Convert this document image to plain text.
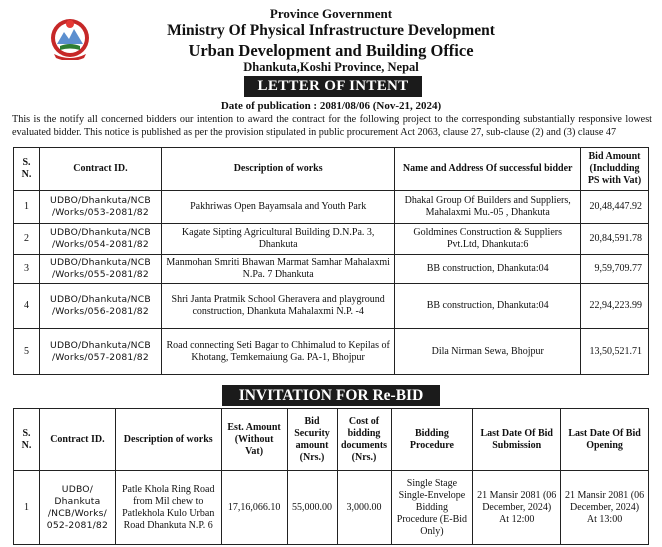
Province Government
Ministry Of Physical Infrastructure Development
Urban Development and Building Office
Dhankuta,Koshi Province, Nepal
LETTER OF INTENT
Date of publication : 2081/08/06 (Nov-21, 2024)
This is the notify all concerned bidders our intention to award the contract for the following project to the corresponding substantially responsive lowest evaluated bidder. This notice is published as per the provision stipulated in public procurement Act 2063, clause 27, sub-clause (2) and (3) clause 47
S. N.	Contract ID.	Description of works	Name and Address Of successful bidder	Bid Amount (Includding PS with Vat)
1	UDBO/Dhankuta/NCB /Works/053-2081/82	Pakhriwas Open Bayamsala and Youth Park	Dhakal Group Of Builders and Suppliers, Mahalaxmi Mu.-05 , Dhankuta	20,48,447.92
2	UDBO/Dhankuta/NCB /Works/054-2081/82	Kagate Sipting Agricultural Building D.N.Pa. 3, Dhankuta	Goldmines Construction & Suppliers Pvt.Ltd, Dhankuta:6	20,84,591.78
3	UDBO/Dhankuta/NCB /Works/055-2081/82	Manmohan Smriti Bhawan Marmat Samhar Mahalaxmi N.Pa. 7 Dhankuta	BB construction, Dhankuta:04	9,59,709.77
4	UDBO/Dhankuta/NCB /Works/056-2081/82	Shri Janta Pratmik School Gheravera and playground construction, Dhankuta Mahalaxmi N.P. -4	BB construction, Dhankuta:04	22,94,223.99
5	UDBO/Dhankuta/NCB /Works/057-2081/82	Road connecting Seti Bagar to Chhimalud to Kepilas of Khotang, Temkemaiung Ga. PA-1, Bhojpur	Dila Nirman Sewa, Bhojpur	13,50,521.71
INVITATION FOR Re-BID
S. N.	Contract ID.	Description of works	Est. Amount (Without Vat)	Bid Security amount (Nrs.)	Cost of bidding documents (Nrs.)	Bidding Procedure	Last Date Of Bid Submission	Last Date Of Bid Opening
1	UDBO/ Dhankuta /NCB/Works/ 052-2081/82	Patle Khola Ring Road from Mil chew to Patlekhola Kulo Urban Road Dhankuta N.P. 6	17,16,066.10	55,000.00	3,000.00	Single Stage Single-Envelope Bidding Procedure (E-Bid Only)	21 Mansir 2081 (06 December, 2024) At 12:00	21 Mansir 2081 (06 December, 2024) At 13:00
